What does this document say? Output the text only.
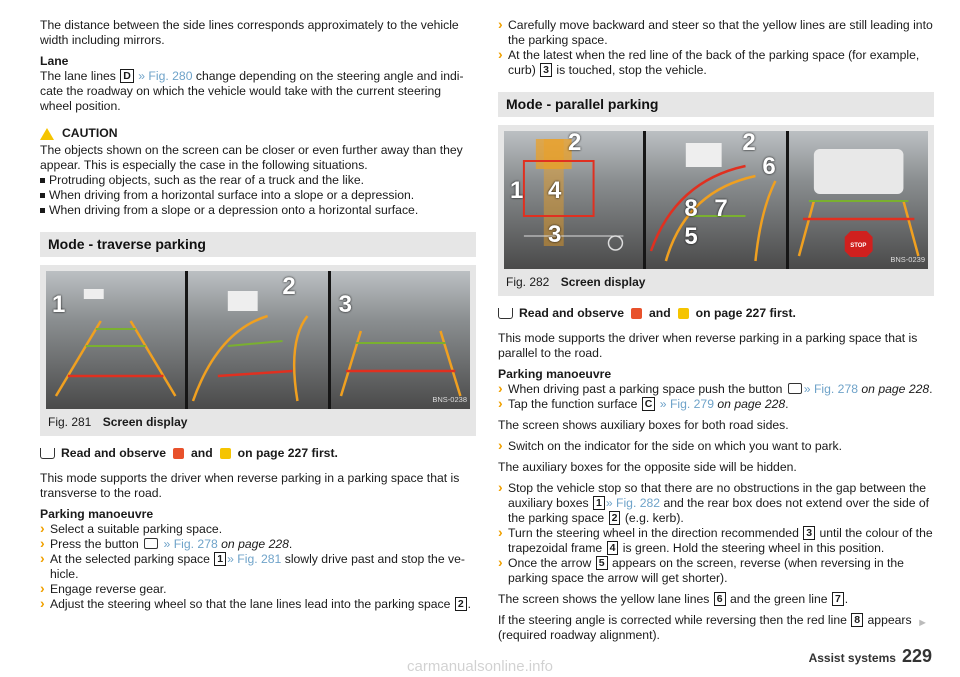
The distance between the side lines corresponds approximately to the vehicle width including mirrors.

Lane
The lane lines D » Fig. 280 change depending on the steering angle and indi- cate the roadway on which the vehicle would take with the current steering wheel position.

CAUTION

The objects shown on the screen can be closer or even further away than they appear. This is especially the case in the following situations.

Protruding objects, such as the rear of a truck and the like.

When driving from a horizontal surface into a slope or a depression.

When driving from a slope or a depression onto a horizontal surface.

Mode - traverse parking
1
2
3
BNS-0238
Fig. 281 Screen display
Read and observe and on page 227 first.

This mode supports the driver when reverse parking in a parking space that is transverse to the road.

Parking manoeuvre

› Select a suitable parking space.

› Press the button » Fig. 278 on page 228.

› At the selected parking space 1 » Fig. 281 slowly drive past and stop the ve- hicle.

› Engage reverse gear.

› Adjust the steering wheel so that the lane lines lead into the parking space 2 .

› Carefully move backward and steer so that the yellow lines are still leading into the parking space.

› At the latest when the red line of the back of the parking space (for example, curb) 3 is touched, stop the vehicle.

Mode - parallel parking
2
1 4
3
2
6
8 7
5	STOP
BNS-0239
Fig. 282 Screen display
Read and observe and on page 227 first.

This mode supports the driver when reverse parking in a parking space that is parallel to the road.

Parking manoeuvre

› When driving past a parking space push the button » Fig. 278 on page 228.

› Tap the function surface C » Fig. 279 on page 228.

The screen shows auxiliary boxes for both road sides.

› Switch on the indicator for the side on which you want to park.

The auxiliary boxes for the opposite side will be hidden.

› Stop the vehicle stop so that there are no obstructions in the gap between the auxiliary boxes 1 » Fig. 282 and the rear box does not extend over the side of the parking space 2 (e.g. kerb).

› Turn the steering wheel in the direction recommended 3 until the colour of the trapezoidal frame 4 is green. Hold the steering wheel in this position.

› Once the arrow 5 appears on the screen, reverse (when reversing in the parking space the arrow will get shorter).

The screen shows the yellow lane lines 6 and the green line 7 .

If the steering angle is corrected while reversing then the red line 8 appears (required roadway alignment).

►
Assist systems 229
carmanualsonline.info
